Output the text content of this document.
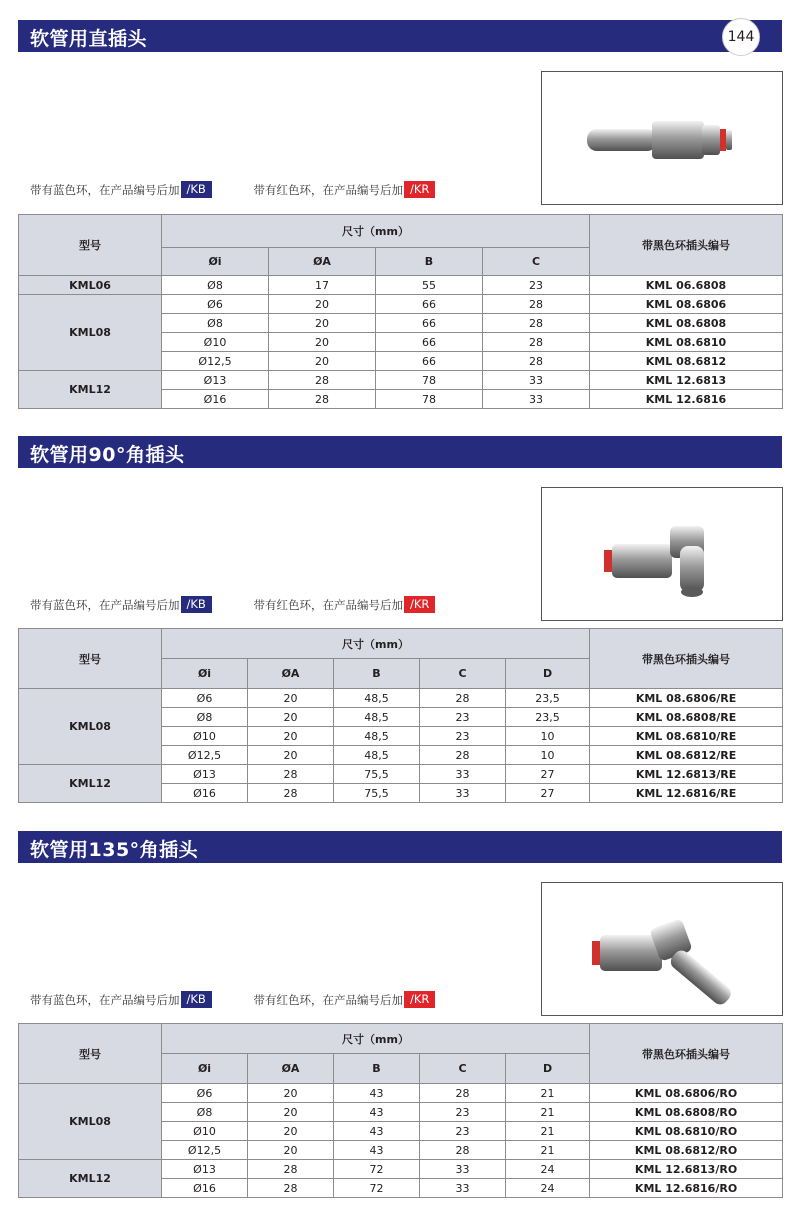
软管用直插头	144
带有蓝色环，在产品编号后加 /KB	带有红色环，在产品编号后加 /KR
型号	尺寸（mm）				带黑色环插头编号
	Øi	ØA	B	C	
KML06	Ø8	17	55	23	KML 06.6808
KML08	Ø6	20	66	28	KML 08.6806
	Ø8	20	66	28	KML 08.6808
	Ø10	20	66	28	KML 08.6810
	Ø12,5	20	66	28	KML 08.6812
KML12	Ø13	28	78	33	KML 12.6813
	Ø16	28	78	33	KML 12.6816
软管用90°角插头
带有蓝色环，在产品编号后加 /KB	带有红色环，在产品编号后加 /KR
型号	尺寸（mm）					带黑色环插头编号
	Øi	ØA	B	C	D	
KML08	Ø6	20	48,5	28	23,5	KML 08.6806/RE
	Ø8	20	48,5	23	23,5	KML 08.6808/RE
	Ø10	20	48,5	23	10	KML 08.6810/RE
	Ø12,5	20	48,5	28	10	KML 08.6812/RE
KML12	Ø13	28	75,5	33	27	KML 12.6813/RE
	Ø16	28	75,5	33	27	KML 12.6816/RE
软管用135°角插头
带有蓝色环，在产品编号后加 /KB	带有红色环，在产品编号后加 /KR
型号	尺寸（mm）					带黑色环插头编号
	Øi	ØA	B	C	D	
KML08	Ø6	20	43	28	21	KML 08.6806/RO
	Ø8	20	43	23	21	KML 08.6808/RO
	Ø10	20	43	23	21	KML 08.6810/RO
	Ø12,5	20	43	28	21	KML 08.6812/RO
KML12	Ø13	28	72	33	24	KML 12.6813/RO
	Ø16	28	72	33	24	KML 12.6816/RO
